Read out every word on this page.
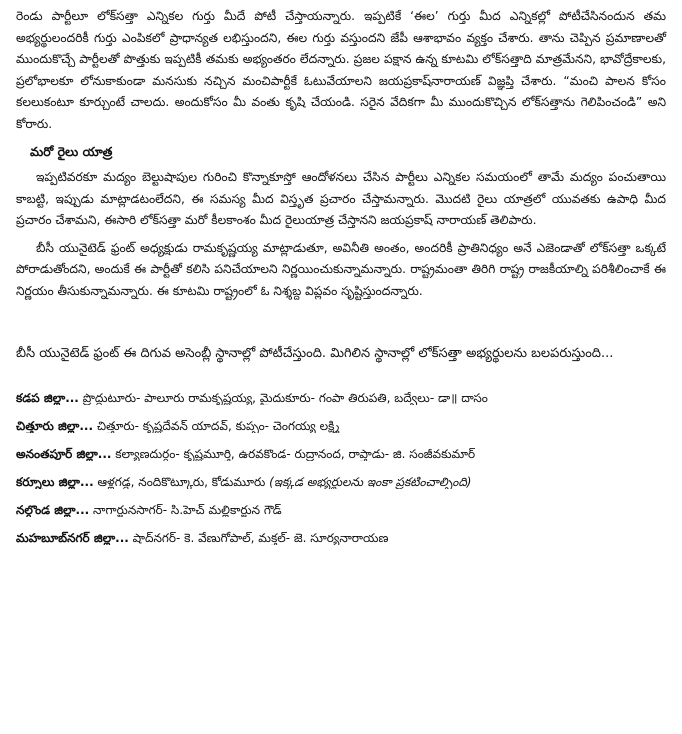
రెండు పార్టీలూ లోక్‌సత్తా ఎన్నికల గుర్తు మీదే పోటీ చేస్తాయన్నారు. ఇప్పటికే ‘ఈల’ గుర్తు మీద ఎన్నికల్లో పోటీచేసినందున తమ అభ్యర్థులందరికీ గుర్తు ఎంపికలో ప్రాధాన్యత లభిస్తుందని, ఈల గుర్తు వస్తుందని జేపీ ఆశాభావం వ్యక్తం చేశారు. తాను చెప్పిన ప్రమాణాలతో ముందుకొచ్చే పార్టీలతో పొత్తుకు ఇప్పటికీ తమకు అభ్యంతరం లేదన్నారు. ప్రజల పక్షాన ఉన్న కూటమి లోక్‌సత్తాది మాత్రమేనని, భావోద్రేకాలకు, ప్రలోభాలకూ లోనుకాకుండా మనసుకు నచ్చిన మంచిపార్టీకే ఓటువేయాలని జయప్రకాష్‌నారాయణ్ విజ్ఞప్తి చేశారు. “మంచి పాలన కోసం కలలుకంటూ కూర్చుంటే చాలదు. అందుకోసం మీ వంతు కృషి చేయండి. సరైన వేదికగా మీ ముందుకొచ్చిన లోక్‌సత్తాను గెలిపించండి” అని కోరారు.

మరో రైలు యాత్ర

ఇప్పటివరకూ మద్యం బెల్టుషాపుల గురించి కొన్నాకూస్తో ఆందోళనలు చేసిన పార్టీలు ఎన్నికల సమయంలో తామే మద్యం పంచుతాయి కాబట్టి, ఇప్పుడు మాట్లాడటంలేదని, ఈ సమస్య మీద విస్తృత ప్రచారం చేస్తామన్నారు. మొదటి రైలు యాత్రలో యువతకు ఉపాధి మీద ప్రచారం చేశామని, ఈసారి లోక్‌సత్తా మరో కీలకాంశం మీద రైలుయాత్ర చేస్తానని జయప్రకాష్ నారాయణ్ తెలిపారు.

బీసీ యునైటెడ్ ఫ్రంట్ అధ్యక్షుడు రామకృష్ణయ్య మాట్లాడుతూ, అవినీతి అంతం, అందరికీ ప్రాతినిధ్యం అనే ఎజెండాతో లోక్‌సత్తా ఒక్కటే పోరాడుతోందని, అందుకే ఈ పార్టీతో కలిసి పనిచేయాలని నిర్ణయించుకున్నామన్నారు. రాష్ట్రమంతా తిరిగి రాష్ట్ర రాజకీయాల్ని పరిశీలించాకే ఈ నిర్ణయం తీసుకున్నామన్నారు. ఈ కూటమి రాష్ట్రంలో ఓ నిశ్శబ్ద విప్లవం సృష్టిస్తుందన్నారు.

బీసీ యునైటెడ్ ఫ్రంట్ ఈ దిగువ అసెంబ్లీ స్థానాల్లో పోటీచేస్తుంది. మిగిలిన స్థానాల్లో లోక్‌సత్తా అభ్యర్థులను బలపరుస్తుంది...

కడప జిల్లా... ప్రొద్దుటూరు- పాలూరు రామకృష్ణయ్య, మైదుకూరు- గంపా తిరుపతి, బద్వేలు- డా॥ దాసం
చిత్తూరు జిల్లా... చిత్తూరు- కృష్ణదేవన్ యాదవ్, కుప్పం- చెంగయ్య లక్ష్మి
అనంతపూర్ జిల్లా... కల్యాణదుర్గం- కృష్ణమూర్తి, ఉరవకొండ- రుద్రానంద, రాప్తాడు- జి. సంజీవకుమార్
కర్నూలు జిల్లా... ఆళ్లగడ్డ, నందికొట్కూరు, కోడుమూరు (ఇక్కడ అభ్యర్థులను ఇంకా ప్రకటించాల్సింది)
నల్గొండ జిల్లా... నాగార్జునసాగర్- సి.హెచ్ మల్లికార్జున గౌడ్
మహబూబ్‌నగర్ జిల్లా... షాద్‌నగర్- కె. వేణుగోపాల్, మక్తల్- జె. సూర్యనారాయణ
